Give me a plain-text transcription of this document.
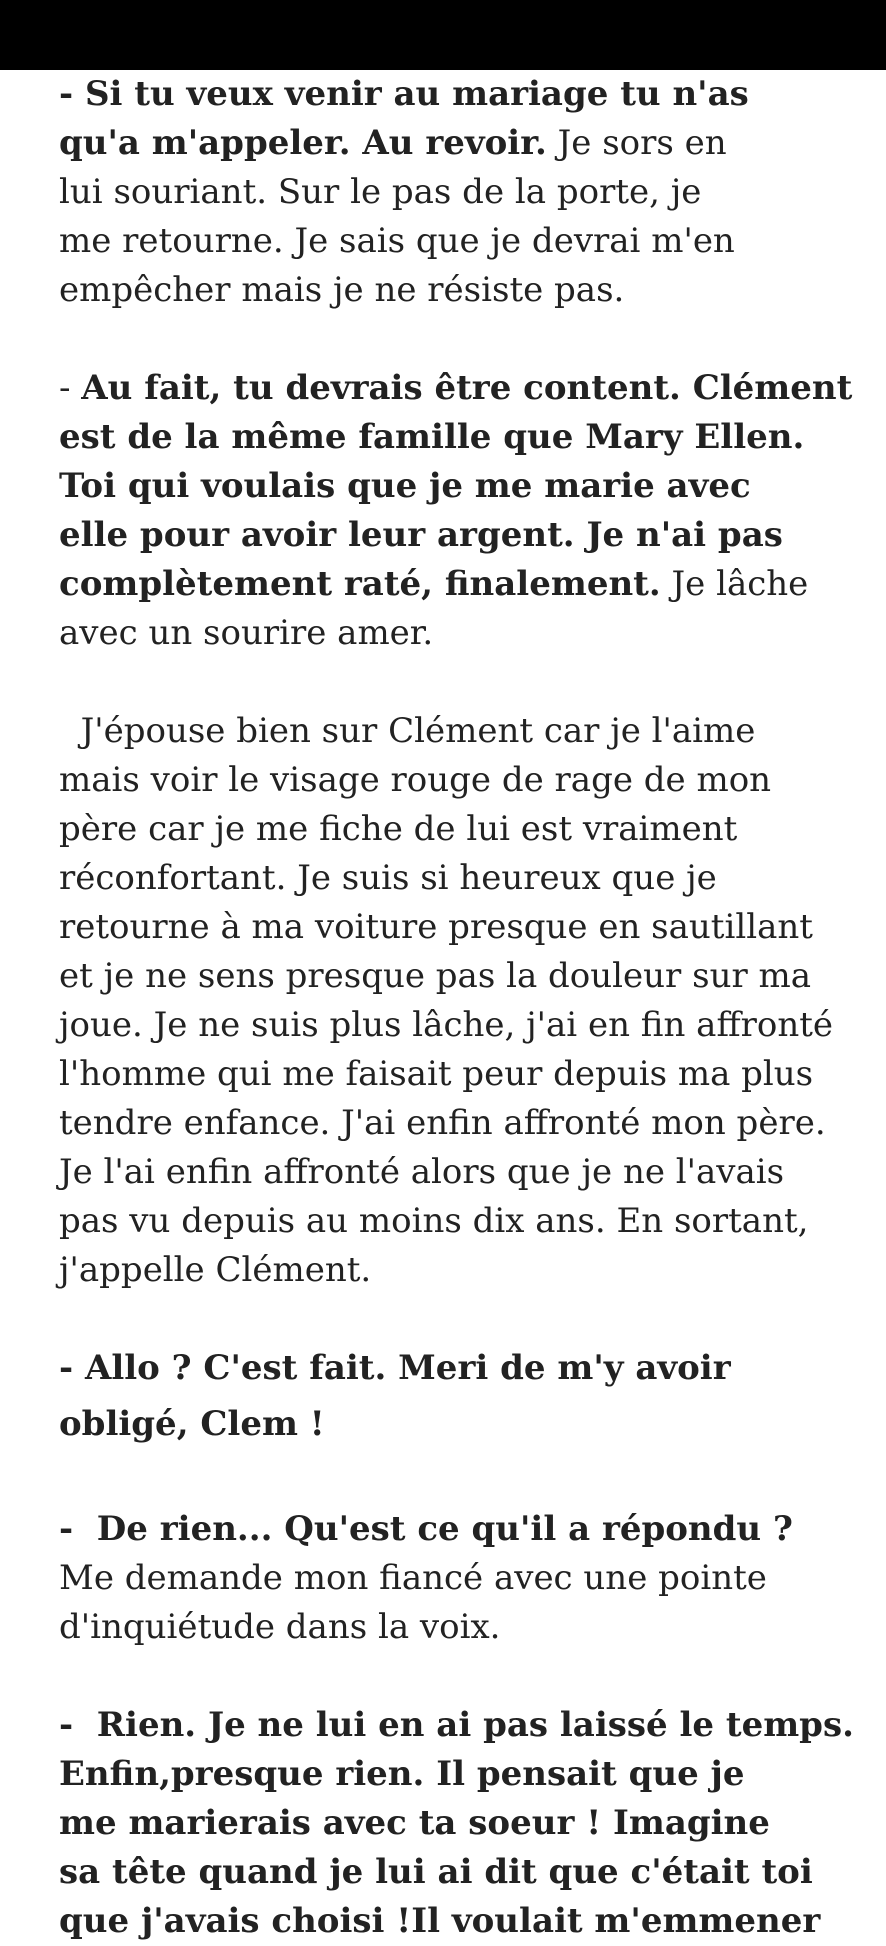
- Si tu veux venir au mariage tu n'as
qu'a m'appeler. Au revoir. Je sors en
lui souriant. Sur le pas de la porte, je
me retourne. Je sais que je devrai m'en
empêcher mais je ne résiste pas.
- Au fait, tu devrais être content. Clément
est de la même famille que Mary Ellen.
Toi qui voulais que je me marie avec
elle pour avoir leur argent. Je n'ai pas
complètement raté, finalement. Je lâche
avec un sourire amer.
J'épouse bien sur Clément car je l'aime
mais voir le visage rouge de rage de mon
père car je me fiche de lui est vraiment
réconfortant. Je suis si heureux que je
retourne à ma voiture presque en sautillant
et je ne sens presque pas la douleur sur ma
joue. Je ne suis plus lâche, j'ai en fin affronté
l'homme qui me faisait peur depuis ma plus
tendre enfance. J'ai enfin affronté mon père.
Je l'ai enfin affronté alors que je ne l'avais
pas vu depuis au moins dix ans. En sortant,
j'appelle Clément.
- Allo ? C'est fait. Meri de m'y avoir
obligé, Clem !
-  De rien... Qu'est ce qu'il a répondu ?
Me demande mon fiancé avec une pointe
d'inquiétude dans la voix.
-  Rien. Je ne lui en ai pas laissé le temps.
Enfin,presque rien. Il pensait que je
me marierais avec ta soeur ! Imagine
sa tête quand je lui ai dit que c'était toi
que j'avais choisi !Il voulait m'emmener
